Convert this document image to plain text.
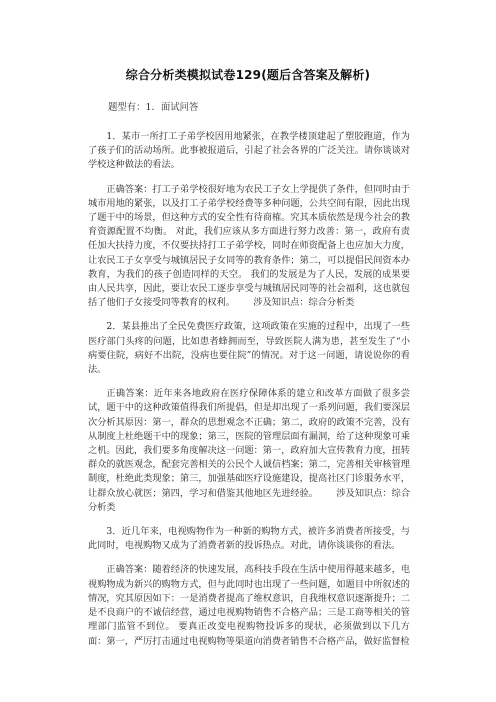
综合分析类模拟试卷129(题后含答案及解析)
题型有：1．面试问答

1．某市一所打工子弟学校因用地紧张，在教学楼顶建起了塑胶跑道，作为了孩子们的活动场所。此事被报道后，引起了社会各界的广泛关注。请你谈谈对学校这种做法的看法。

正确答案：打工子弟学校很好地为农民工子女上学提供了条件，但同时由于城市用地的紧张，以及打工子弟学校经费等多种问题，公共空间有限，因此出现了题干中的场景，但这种方式的安全性有待商榷。究其本质依然是现今社会的教育资源配置不均衡。 对此，我们应该从多方面进行努力改善：第一，政府有责任加大扶持力度，不仅要扶持打工子弟学校，同时在师资配备上也应加大力度，让农民工子女享受与城镇居民子女同等的教育条件；第二，可以提倡民间资本办教育，为我们的孩子创造同样的天空。 我们的发展是为了人民，发展的成果要由人民共享，因此，要让农民工逐步享受与城镇居民同等的社会福利，这也就包括了他们子女接受同等教育的权利。 涉及知识点：综合分析类

2．某县推出了全民免费医疗政策，这项政策在实施的过程中，出现了一些医疗部门头疼的问题，比如患者蜂拥而至，导致医院人满为患，甚至发生了“小病要住院，病好不出院，没病也要住院”的情况。对于这一问题，请说说你的看法。

正确答案：近年来各地政府在医疗保障体系的建立和改革方面做了很多尝试，题干中的这种政策值得我们所提倡，但是却出现了一系列问题，我们要深层次分析其原因：第一，群众的思想观念不正确；第二，政府的政策不完善，没有从制度上杜绝题干中的现象；第三，医院的管理层面有漏洞，给了这种现象可乘之机。因此，我们要多角度解决这一问题：第一，政府加大宣传教育力度，扭转群众的就医观念，配套完善相关的公民个人诚信档案；第二，完善相关审核管理制度，杜绝此类现象；第三，加强基础医疗设施建设，提高社区门诊服务水平，让群众放心就医；第四，学习和借鉴其他地区先进经验。 涉及知识点：综合分析类

3．近几年来，电视购物作为一种新的购物方式，被许多消费者所接受，与此同时，电视购物又成为了消费者新的投诉热点。对此，请你谈谈你的看法。

正确答案：随着经济的快速发展，高科技手段在生活中使用得越来越多，电视购物成为新兴的购物方式，但与此同时也出现了一些问题，如题目中所叙述的情况，究其原因如下：一是消费者提高了维权意识，自我维权意识逐渐提升；二是不良商户的不诚信经营，通过电视购物销售不合格产品；三是工商等相关的管理部门监管不到位。 要真正改变电视购物投诉多的现状，必须做到以下几方面：第一，严厉打击通过电视购物等渠道向消费者销售不合格产品，做好监督检
